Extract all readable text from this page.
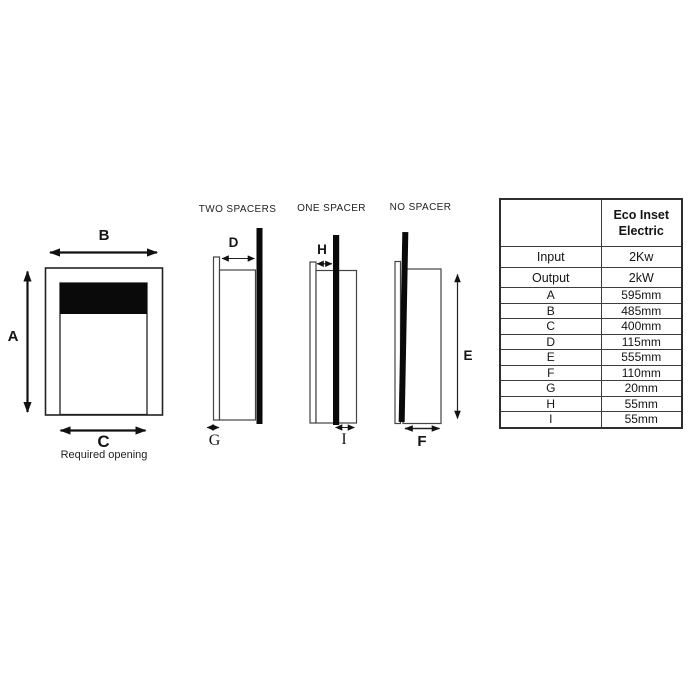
B
A
C
Required opening
TWO SPACERS
D
G
ONE SPACER
H
I
NO SPACER
E
F

	Eco Inset
Electric

Input	2Kw
Output	2kW
A	595mm
B	485mm
C	400mm
D	115mm
E	555mm
F	110mm
G	20mm
H	55mm
I	55mm
